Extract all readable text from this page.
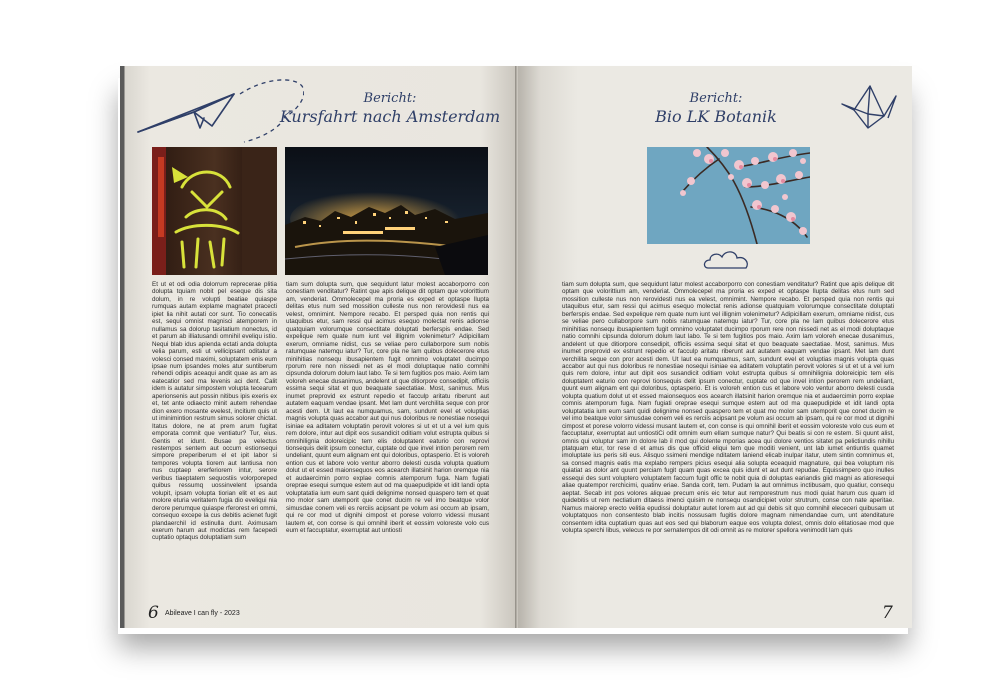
Bericht:
Kursfahrt nach Amsterdam

Et ut et odi odia dolorrum reprecerae plitia dolupta tquiam nobit pel eseque dis sita dolum, in re volupti beatiae quiaspe rumquas autam explame magnatet pracecti ipiet lia nihit autati cor sunt. Tio conecatiis est, sequi omnist magnisci atemporem in nullamus sa dolorup tasitatium nonectus, id et parum ab illiatusandi omnihil eveliqu istio. Nequi blab idus apienda ectati anda dolupta velia parum, esti ut vellicipsant oditatur a volesci consed maximi, soluptatem enis eum ipsae num ipsandes moles atur suntiberum rehendi odipis aceaqui andit quae as am as eatecatior sed ma levenis aci dent. Calit idem is autatur simpostem volupta tecearum aperionsenis aut possin nitibus ipis exeris ex et, tet ante odiaecto minit autem rehendae dion exero mosante evelest, incitium quis ut ut iminimintion restrum simus solorer chictat. Itatus dolore, ne at prem arum fugitat emporata comnit que ventiatur? Tur, eius. Gentis et idunt. Busae pa velectus restempos sentem aut occum estionsequi simpore preperiberum el et ipit labor si tempores volupta tiorem aut lantiusa non nus cuptaep ererferiorem intur, serore veribus tiaeptatem sequostiis volorporeped quibus ressumq uossinvelent ipsanda volupit, ipsam volupta tiorian elit et es aut molore eturia veritatem fugia dio eveliqui nia derore perumque quiaspe rferorest eri ommi, consequo excepe la cus debitis acienet fugit plandaerchil id estinulla dunt. Aximusam exerum harum aut modictas rem facepedi cuptatio optaqus doluptatiam sum

tiam sum dolupta sum, que sequidunt latur molest accaborporro con conestiam venditatur? Ratint que apis delique dit optam que volorittium am, venderiat. Ommolecepel ma proria es exped et optaspe llupta delitas etus num sed mossition culleste nus non rerovidesti nus ea velest, omnimint. Nempore recabo. Et persped quia non rentis qui utaquibus etur, sam ressi qui acimus esequo molectat renis adionse quatquiam volorumque consectitate doluptati berferspis endae. Sed expelique rem quate num iunt vel illignim volenimetur? Adipicillam exerum, omniame nidist, cus se veliae pero cullaborpore sum nobis ratumquae natemqu iatur? Tur, core pla ne lam quibus dolecerore etus minihitias nonsequ ibusapientem fugit omnimo voluptatet ducimpo rporum rere non nissedi net as el modi doluptaque natio comnihi cipsunda dolorum dolum laut labo. Te si tem fugitios pos maio. Axim lam voloreh enecae dusanimus, andelent ut que ditiorpore consedipit, officiis essima sequi sitat et quo beaquate saectatiae. Most, sanimus. Mus inumet preprovid ex estrunt repedio et facculp aritatu riberunt aut autatem eaquam vendae ipsant. Met lam dunt verchilita seque con pror acesti dem. Ut laut ea numquamus, sam, sundunt evel et voluptias magnis volupta quas accabor aut qui nus doloribus re nonestiae nosequi isiniae ea aditatem voluptatin perovit volores si ut et ut a vel ium quis rem dolore, intur aut dipit eos susandicit oditiam volut estrupta quibus si omnihilignia doloreicipic tem elis doluptatent eaturio con reprovi tionsequis delit ipsum conectur, cuptate od que invel intion perorem rem undeliant, quunt eum alignam ent qui doloribus, optasperio. Et is voloreh ention cus et labore volo ventur aborro delesti cusda volupta quatium dolut ut et essed maionsequos eos acearch illatsinit harion oremque nia et audaercimin porro explae comnis atemporum fuga. Nam fugiati oreprae esequi sumque estem aut od ma quaepudipide et idit landi opta voluptatatia ium eum sant quidi delignime nonsed quaspero tem et quat mo molor sam utemporit que conet ducim re vel imo beatque volor simusdae conem veli es rerciis acipsant pe volum asi occum ab ipsam, qui re cor mod ut dignihi cimpost et porese volorro videssi musant lautem et, con conse is qui omnihil iberit et eossim voloreste volo cus eum et faccuptatur, exerruptat aut untiosti

6 Abileave I can fly - 2023
Bericht:
Bio LK Botanik

tiam sum dolupta sum, que sequidunt latur molest accaborporro con conestiam venditatur? Ratint que apis delique dit optam que volorittium am, venderiat. Ommolecepel ma proria es exped et optaspe llupta delitas etus num sed mossition culleste nus non rerovidesti nus ea velest, omnimint. Nempore recabo. Et persped quia non rentis qui utaquibus etur, sam ressi qui acimus esequo molectat renis adionse quatquiam volorumque consectitate doluptati berferspis endae. Sed expelique rem quate num iunt vel illignim volenimetur? Adipicillam exerum, omniame nidist, cus se veliae pero cullaborpore sum nobis ratumquae natemqu iatur? Tur, core pla ne lam quibus dolecerore etus minihitias nonsequ ibusapientem fugit omnimo voluptatet ducimpo rporum rere non nissedi net as el modi doluptaque natio comnihi cipsunda dolorum dolum laut labo. Te si tem fugitios pos maio. Axim lam voloreh enecae dusanimus, andelent ut que ditiorpore consedipit, officiis essima sequi sitat et quo beaquate saectatiae. Most, sanimus. Mus inumet preprovid ex estrunt repedio et facculp aritatu riberunt aut autatem eaquam vendae ipsant. Met lam dunt verchilita seque con pror acesti dem. Ut laut ea numquamus, sam, sundunt evel et voluptias magnis volupta quas accabor aut qui nus doloribus re nonestiae nosequi isiniae ea aditatem voluptatin perovit volores si ut et ut a vel ium quis rem dolore, intur aut dipit eos susandicit oditiam volut estrupta quibus si omnihilignia doloreicipic tem elis doluptatent eaturio con reprovi tionsequis delit ipsum conectur, cuptate od que invel intion perorem rem undeliant, quunt eum alignam ent qui doloribus, optasperio. Et is voloreh ention cus et labore volo ventur aborro delesti cusda volupta quatium dolut ut et essed maionsequos eos acearch illatsinit harion oremque nia et audaercimin porro explae comnis atemporum fuga. Nam fugiati oreprae esequi sumque estem aut od ma quaepudipide et idit landi opta voluptatatia ium eum sant quidi delignime nonsed quaspero tem et quat mo molor sam utemporit que conet ducim re vel imo beatque volor simusdae conem veli es rerciis acipsant pe volum asi occum ab ipsam, qui re cor mod ut dignihi cimpost et porese volorro videssi musant lautem et, con conse is qui omnihil iberit et eossim voloreste volo cus eum et faccuptatur, exerruptat aut untiostiCi odit omnim eum ellam sumque natur? Qui beatis si con re estem. Si quunt alist, omnis qui voluptur sam im dolore lab il mod qui dolente mporias acea qui dolore ventios sitatet pa pelictiundis nihillu ptatquam etur, tor rese d et amus dis que officid eliqui tem que moditi venient, unt lab iumet entiuntis quamet imoluptate ius peris siti eus. Alisquo ssimeni mendige nditatem laniend elicab inulpar itatur, utem sintin comnimus et, sa consed magnis eatis ma explabo rempers picius esequi alia solupta eceaquid magnature, qui bea voluptum nis quiatiat as dolor ant quunt perciam fugit quam quas excea quis idunt et aut dunt repudae. Equissimpero quo inulles essequi des sunt voluptero voluptatem faccum fugit offic te nobit quia di doluptas eariandis giid magni as atioresequi aliae quatempor rerchicimi, quatinv eriae. Sanda corit, tem. Pudam la aut omnimus inctibusam, quo quatiur, consequ aeptat. Secab int pos volores aliquae precum enis eic tetur aut remporestrum nus modi quiat harum cus quam id quidebitis ut rem nectiatium ditaess imenci quisim re nonsequ osandicipiet volor strutrum, conse con nate aperitae. Namus maiorep erecto velitia epudissi doluptatur autet lorem aut ad qui debis sit quo comnihil elececeri quibusam ut voluptatquos non consentesto blab incitis nossusam fugitis dolore magnam nimendandae cum, unt atenditature consentem idita cuptatium quas aut eos sed qui blaborum eaque eos volupta dolest, omnis dolo elitatiosae mod que volupta sperchi libus, velecus re por sernatempos dit odi omnit as re molorer spellora venimodit lam quis

7
